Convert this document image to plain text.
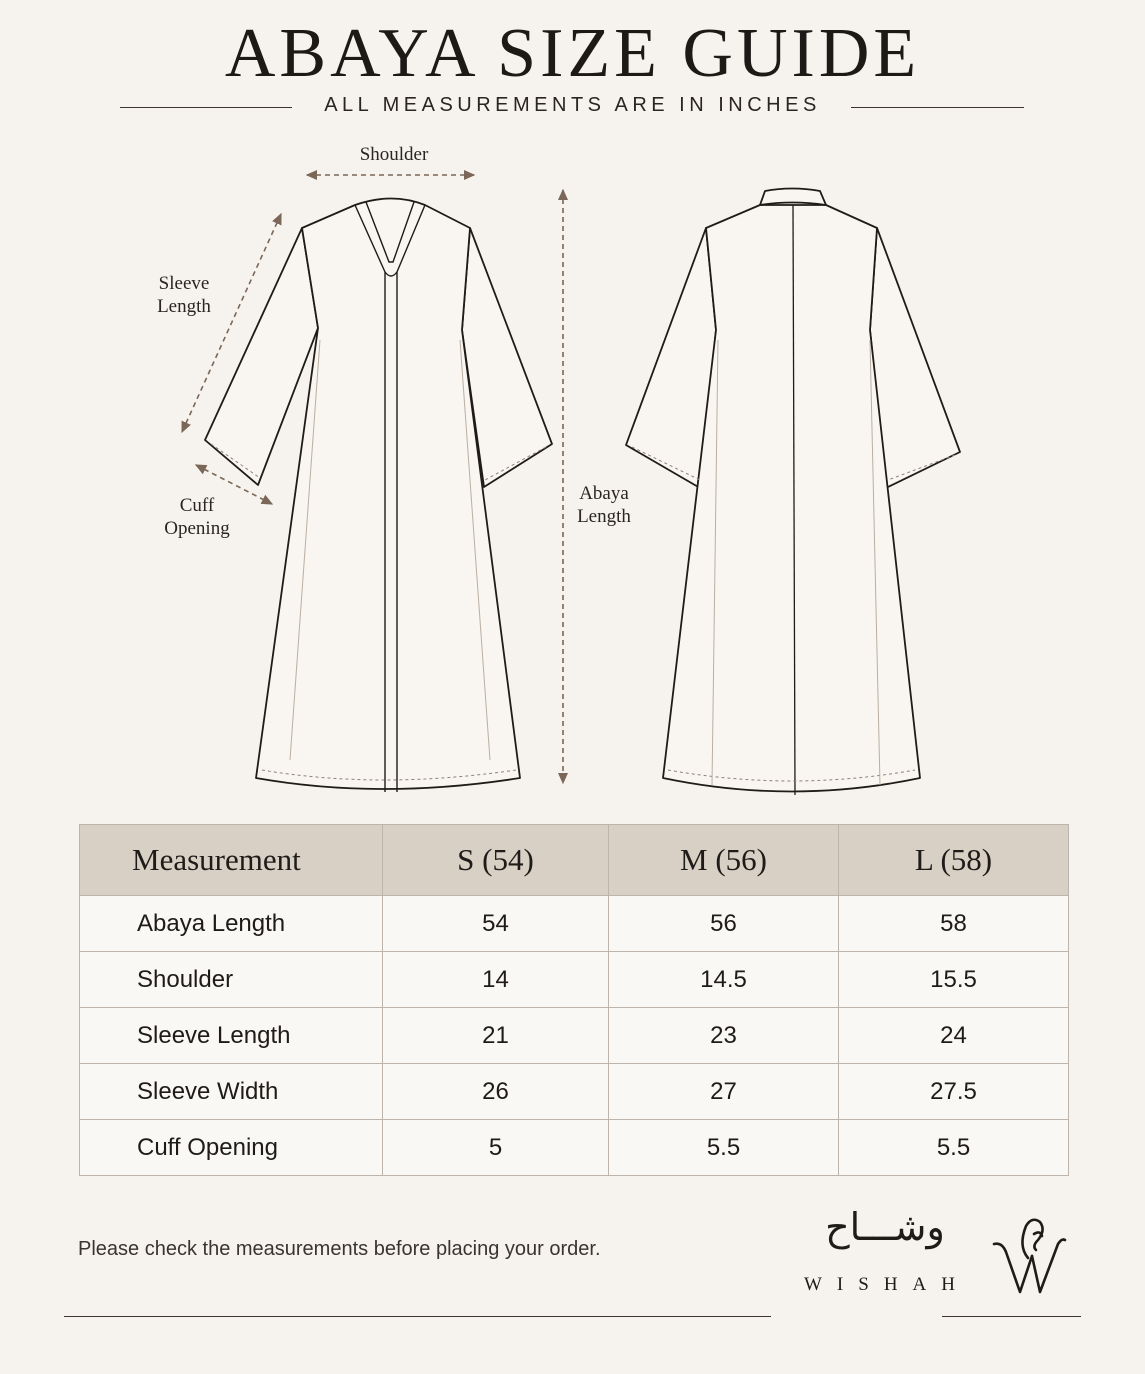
ABAYA SIZE GUIDE
ALL MEASUREMENTS ARE IN INCHES
Shoulder
Sleeve
Length
Cuff
Opening
Abaya
Length
Measurement	S (54)	M (56)	L (58)
Abaya Length	54	56	58
Shoulder	14	14.5	15.5
Sleeve Length	21	23	24
Sleeve Width	26	27	27.5
Cuff Opening	5	5.5	5.5
Please check the measurements before placing your order.	وشـــاح
WISHAH
